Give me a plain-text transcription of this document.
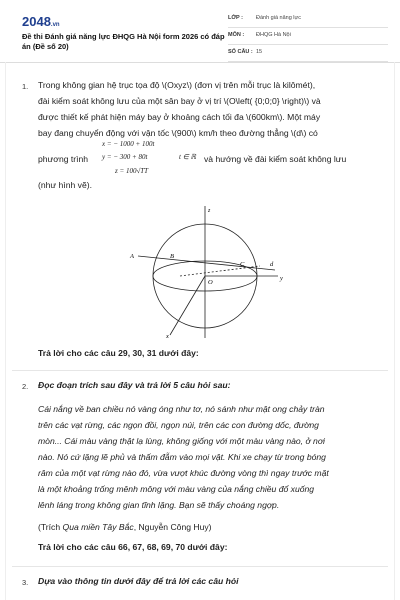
2048.vn
Đề thi Đánh giá năng lực ĐHQG Hà Nội form 2026 có đáp án (Đề số 20)
LỚP : Đánh giá năng lực
MÔN : ĐHQG Hà Nội
SỐ CÂU : 15
1. Trong không gian hệ trục tọa độ \(Oxyz\) (đơn vị trên mỗi trục là kilômét),
đài kiểm soát không lưu của một sân bay ở vị trí \(O\left( {0;0;0} \right)\) và
được thiết kế phát hiện máy bay ở khoảng cách tối đa \(600km\). Một máy
bay đang chuyển động với vận tốc \(900\) km/h theo đường thẳng \(d\) có
x = − 1000 + 100t
phương trình y = − 300 + 80t	t ∈ ℝ và hướng về đài kiểm soát không lưu
z = 100√TT
(như hình vẽ).
z
A	B
C	d
O
y
x
Trả lời cho các câu 29, 30, 31 dưới đây:
2. Đọc đoạn trích sau đây và trả lời 5 câu hỏi sau:
Cái nắng về ban chiều nó vàng óng như tơ, nó sánh như mật ong chảy tràn
trên các vạt rừng, các ngọn đồi, ngọn núi, trên các con đường dốc, đường
mòn... Cái màu vàng thật lạ lùng, không giống với một màu vàng nào, ở nơi
nào. Nó cứ lặng lẽ phủ và thấm đẫm vào mọi vật. Khi xe chạy từ trong bóng
râm của một vạt rừng nào đó, vừa vượt khúc đường vòng thì ngay trước mặt
là một khoảng trống mênh mông với màu vàng của nắng chiều đổ xuống
lênh láng trong không gian tĩnh lặng. Bạn sẽ thấy choáng ngợp.
(Trích Qua miền Tây Bắc, Nguyễn Công Huy)
Trả lời cho các câu 66, 67, 68, 69, 70 dưới đây:
3. Dựa vào thông tin dưới đây để trả lời các câu hỏi
